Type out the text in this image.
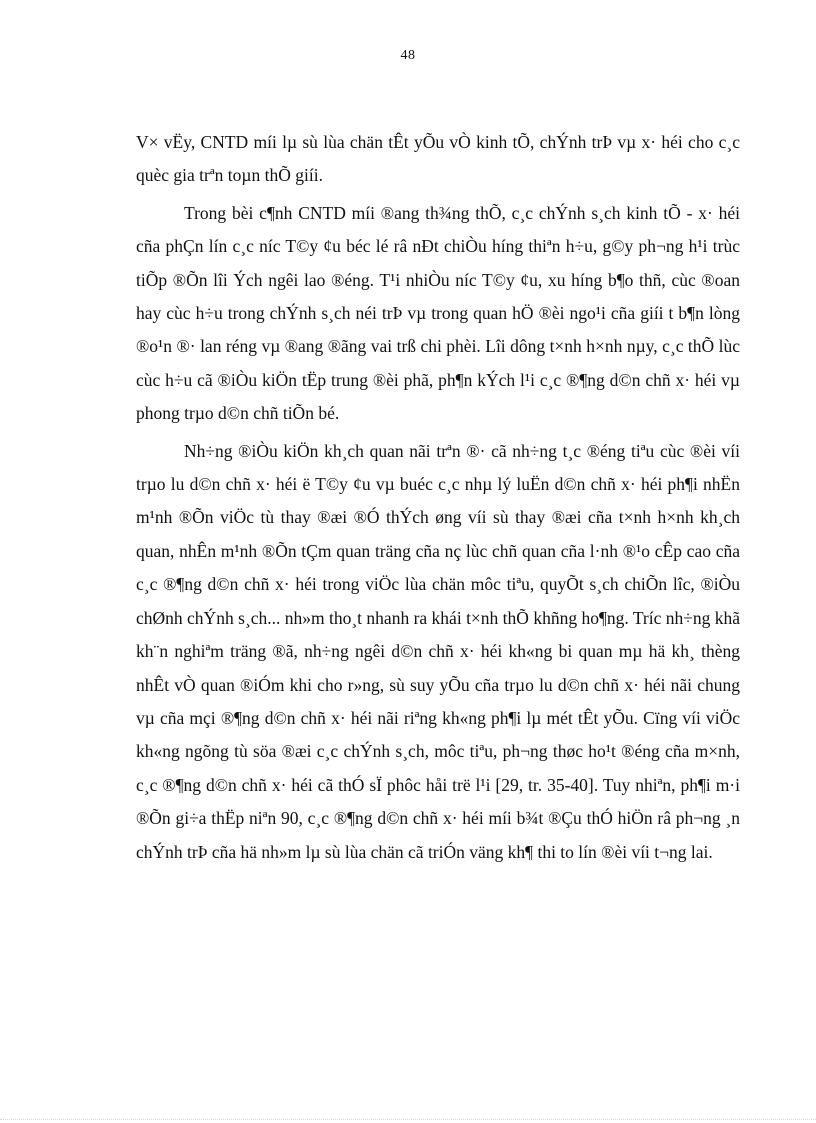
48

V× vËy, CNTD míi lµ sù lùa chän tÊt yÕu vÒ kinh tÕ, chÝnh trÞ vµ x· héi cho c¸c quèc gia trªn toµn thÕ giíi.

Trong bèi c¶nh CNTD míi ®ang th¾ng thÕ, c¸c chÝnh s¸ch kinh tÕ - x· héi cña phÇn lín c¸c níc T©y ¢u béc lé râ nÐt chiÒu híng thiªn h÷u, g©y ph¬ng h¹i trùc tiÕp ®Õn lîi Ých ngêi lao ®éng. T¹i nhiÒu níc T©y ¢u, xu híng b¶o thñ, cùc ®oan hay cùc h÷u trong chÝnh s¸ch néi trÞ vµ trong quan hÖ ®èi ngo¹i cña giíi t b¶n lòng ®o¹n ®· lan réng vµ ®ang ®ãng vai trß chi phèi. Lîi dông t×nh h×nh nµy, c¸c thÕ lùc cùc h÷u cã ®iÒu kiÖn tËp trung ®èi phã, ph¶n kÝch l¹i c¸c ®¶ng d©n chñ x· héi vµ phong trµo d©n chñ tiÕn bé.

Nh÷ng ®iÒu kiÖn kh¸ch quan nãi trªn ®· cã nh÷ng t¸c ®éng tiªu cùc ®èi víi trµo lu d©n chñ x· héi ë T©y ¢u vµ buéc c¸c nhµ lý luËn d©n chñ x· héi ph¶i nhËn m¹nh ®Õn viÖc tù thay ®æi ®Ó thÝch øng víi sù thay ®æi cña t×nh h×nh kh¸ch quan, nhÊn m¹nh ®Õn tÇm quan träng cña nç lùc chñ quan cña l·nh ®¹o cÊp cao cña c¸c ®¶ng d©n chñ x· héi trong viÖc lùa chän môc tiªu, quyÕt s¸ch chiÕn lîc, ®iÒu chØnh chÝnh s¸ch... nh»m tho¸t nhanh ra khái t×nh thÕ khñng ho¶ng. Tríc nh÷ng khã kh¨n nghiªm träng ®ã, nh÷ng ngêi d©n chñ x· héi kh«ng bi quan mµ hä kh¸ thèng nhÊt vÒ quan ®iÓm khi cho r»ng, sù suy yÕu cña trµo lu d©n chñ x· héi nãi chung vµ cña mçi ®¶ng d©n chñ x· héi nãi riªng kh«ng ph¶i lµ mét tÊt yÕu. Cïng víi viÖc kh«ng ngõng tù söa ®æi c¸c chÝnh s¸ch, môc tiªu, ph¬ng thøc ho¹t ®éng cña m×nh, c¸c ®¶ng d©n chñ x· héi cã thÓ sÏ phôc håi trë l¹i [29, tr. 35-40]. Tuy nhiªn, ph¶i m·i ®Õn gi÷a thËp niªn 90, c¸c ®¶ng d©n chñ x· héi míi b¾t ®Çu thÓ hiÖn râ ph¬ng ¸n chÝnh trÞ cña hä nh»m lµ sù lùa chän cã triÓn väng kh¶ thi to lín ®èi víi t¬ng lai.
